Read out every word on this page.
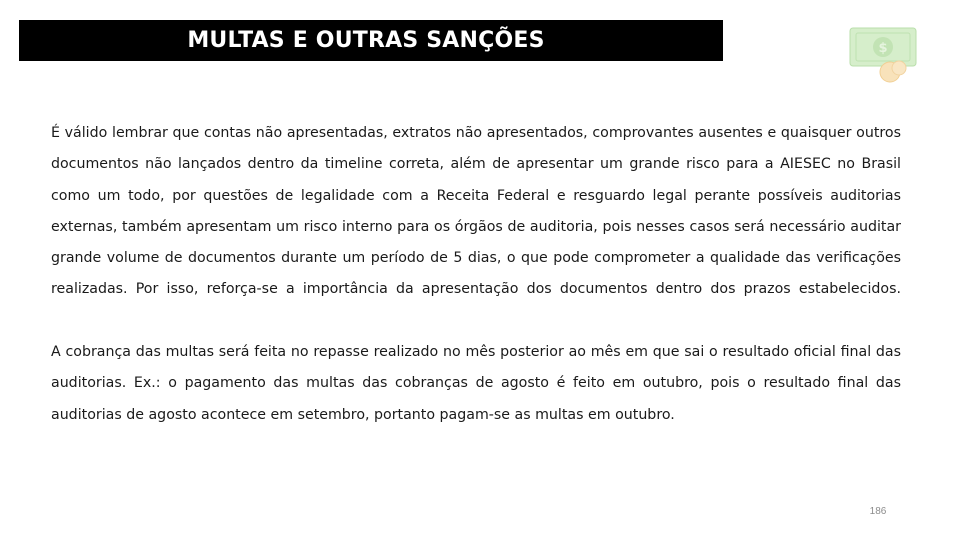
MULTAS E OUTRAS SANÇÕES	$

É válido lembrar que contas não apresentadas, extratos não apresentados, comprovantes ausentes e quaisquer outros documentos não lançados dentro da timeline correta, além de apresentar um grande risco para a AIESEC no Brasil como um todo, por questões de legalidade com a Receita Federal e resguardo legal perante possíveis auditorias externas, também apresentam um risco interno para os órgãos de auditoria, pois nesses casos será necessário auditar grande volume de documentos durante um período de 5 dias, o que pode comprometer a qualidade das verificações realizadas. Por isso, reforça-se a importância da apresentação dos documentos dentro dos prazos estabelecidos.

A cobrança das multas será feita no repasse realizado no mês posterior ao mês em que sai o resultado oficial final das auditorias. Ex.: o pagamento das multas das cobranças de agosto é feito em outubro, pois o resultado final das auditorias de agosto acontece em setembro, portanto pagam-se as multas em outubro.

186
